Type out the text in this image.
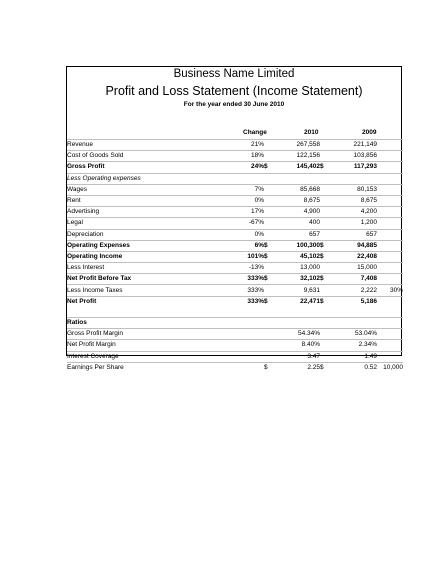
Business Name Limited
Profit and Loss Statement (Income Statement)
For the year ended 30 June 2010
Change	2010	2009
Revenue	21%		267,558		221,149	
Cost of Goods Sold	18%		122,156		103,856	
Gross Profit	24%	$	145,402	$	117,293	
Less Operating expenses						
Wages	7%		85,668		80,153	
Rent	0%		8,675		8,675	
Advertising	17%		4,900		4,200	
Legal	-67%		400		1,200	
Depreciation	0%		657		657	
Operating Expenses	6%	$	100,300	$	94,885	
Operating Income	101%	$	45,102	$	22,408	
Less Interest	-13%		13,000		15,000	
Net Profit Before Tax	333%	$	32,102	$	7,408	
Less Income Taxes	333%		9,631		2,222	30%
Net Profit	333%	$	22,471	$	5,186	

Ratios						
Gross Profit Margin			54.34%		53.04%	
Net Profit Margin			8.40%		2.34%	
Interest Coverage			3.47		1.49	
Earnings Per Share		$	2.25	$	0.52	10,000
